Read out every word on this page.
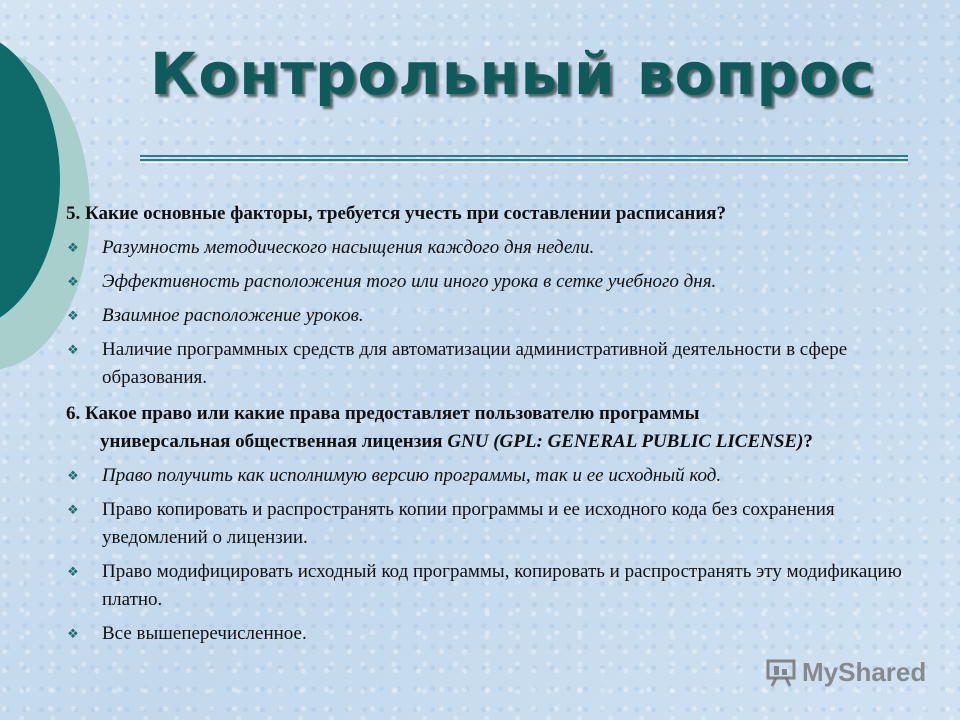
Контрольный вопрос

5. Какие основные факторы, требуется учесть при составлении расписания?

❖ Разумность методического насыщения каждого дня недели.
❖ Эффективность расположения того или иного урока в сетке учебного дня.
❖ Взаимное расположение уроков.
❖ Наличие программных средств для автоматизации административной деятельности в сфере образования.

6. Какое право или какие права предоставляет пользователю программы
универсальная общественная лицензия GNU (GPL: GENERAL PUBLIC LICENSE)?

❖ Право получить как исполнимую версию программы, так и ее исходный код.
❖ Право копировать и распространять копии программы и ее исходного кода без сохранения уведомлений о лицензии.
❖ Право модифицировать исходный код программы, копировать и распространять эту модификацию платно.
❖ Все вышеперечисленное.
MyShared
